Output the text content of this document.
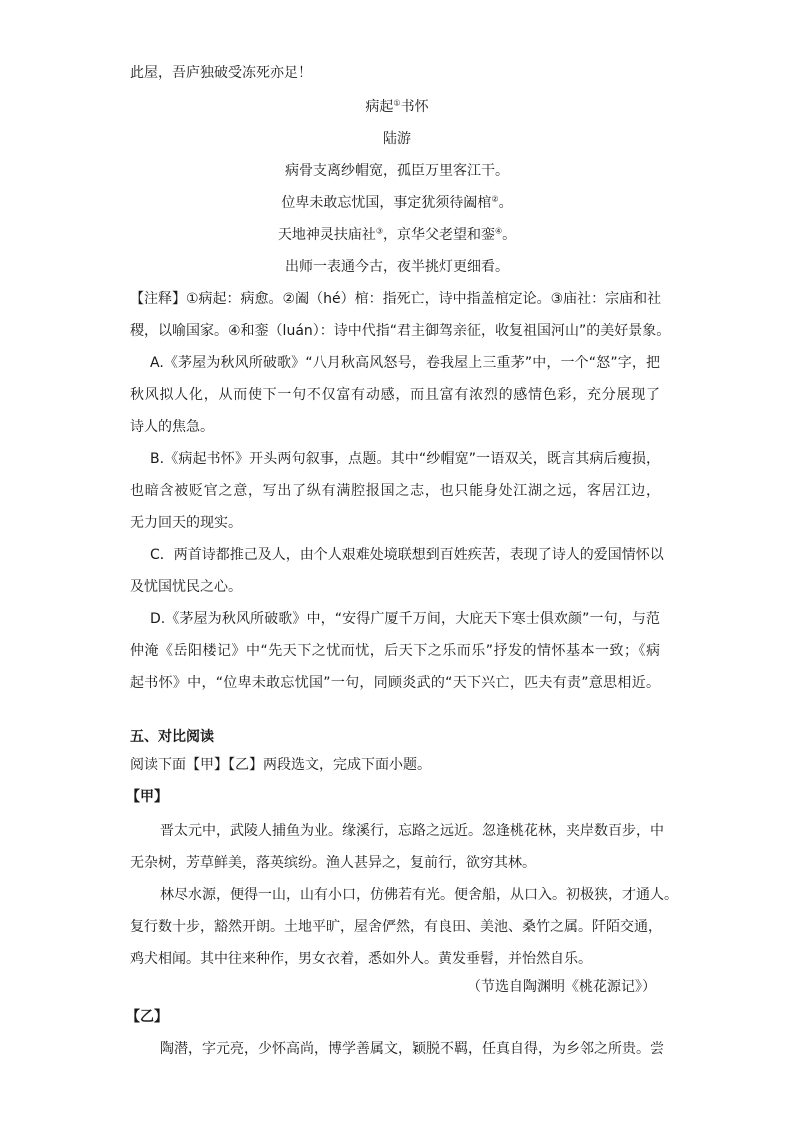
此屋，吾庐独破受冻死亦足！
病起①书怀
陆游
病骨支离纱帽宽，孤臣万里客江干。
位卑未敢忘忧国，事定犹须待阖棺②。
天地神灵扶庙社③，京华父老望和銮④。
出师一表通今古，夜半挑灯更细看。
【注释】①病起：病愈。②阖（hé）棺：指死亡，诗中指盖棺定论。③庙社：宗庙和社
稷，以喻国家。④和銮（luán）：诗中代指“君主御驾亲征，收复祖国河山”的美好景象。
A.《茅屋为秋风所破歌》“八月秋高风怒号，卷我屋上三重茅”中，一个“怒”字，把
秋风拟人化，从而使下一句不仅富有动感，而且富有浓烈的感情色彩，充分展现了
诗人的焦急。
B.《病起书怀》开头两句叙事，点题。其中“纱帽宽”一语双关，既言其病后瘦损，
也暗含被贬官之意，写出了纵有满腔报国之志，也只能身处江湖之远，客居江边，
无力回天的现实。
C．两首诗都推己及人，由个人艰难处境联想到百姓疾苦，表现了诗人的爱国情怀以
及忧国忧民之心。
D.《茅屋为秋风所破歌》中，“安得广厦千万间，大庇天下寒士俱欢颜”一句，与范
仲淹《岳阳楼记》中“先天下之忧而忧，后天下之乐而乐”抒发的情怀基本一致；《病
起书怀》中，“位卑未敢忘忧国”一句，同顾炎武的“天下兴亡，匹夫有责”意思相近。
五、对比阅读
阅读下面【甲】【乙】两段选文，完成下面小题。
【甲】
晋太元中，武陵人捕鱼为业。缘溪行，忘路之远近。忽逢桃花林，夹岸数百步，中
无杂树，芳草鲜美，落英缤纷。渔人甚异之，复前行，欲穷其林。
林尽水源，便得一山，山有小口，仿佛若有光。便舍船，从口入。初极狭，才通人。
复行数十步，豁然开朗。土地平旷，屋舍俨然，有良田、美池、桑竹之属。阡陌交通，
鸡犬相闻。其中往来种作，男女衣着，悉如外人。黄发垂髫，并怡然自乐。
（节选自陶渊明《桃花源记》）
【乙】
陶潜，字元亮，少怀高尚，博学善属文，颖脱不羁，任真自得，为乡邻之所贵。尝
